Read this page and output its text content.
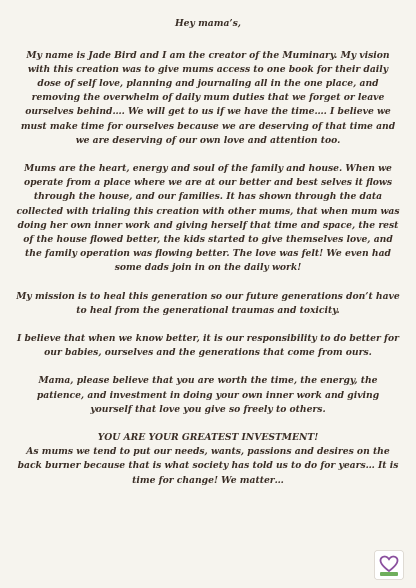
Hey mama’s,

My name is Jade Bird and I am the creator of the Muminary. My vision with this creation was to give mums access to one book for their daily dose of self love, planning and journaling all in the one place, and removing the overwhelm of daily mum duties that we forget or leave ourselves behind…. We will get to us if we have the time…. I believe we must make time for ourselves because we are deserving of that time and we are deserving of our own love and attention too.

Mums are the heart, energy and soul of the family and house. When we operate from a place where we are at our better and best selves it flows through the house, and our families. It has shown through the data collected with trialing this creation with other mums, that when mum was doing her own inner work and giving herself that time and space, the rest of the house flowed better, the kids started to give themselves love, and the family operation was flowing better. The love was felt! We even had some dads join in on the daily work!

My mission is to heal this generation so our future generations don’t have to heal from the generational traumas and toxicity.

I believe that when we know better, it is our responsibility to do better for our babies, ourselves and the generations that come from ours.

Mama, please believe that you are worth the time, the energy, the patience, and investment in doing your own inner work and giving yourself that love you give so freely to others.

YOU ARE YOUR GREATEST INVESTMENT!
As mums we tend to put our needs, wants, passions and desires on the back burner because that is what society has told us to do for years… It is time for change! We matter…
